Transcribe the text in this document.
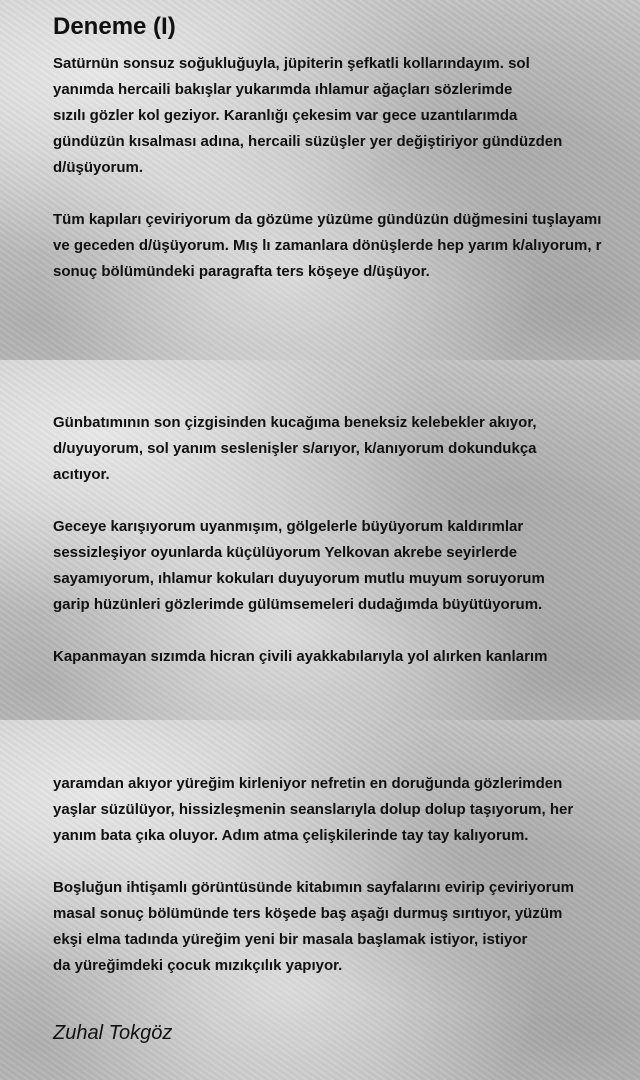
Deneme (I)

Satürnün sonsuz soğukluğuyla, jüpiterin şefkatli kollarındayım. sol
yanımda hercaili bakışlar yukarımda ıhlamur ağaçları sözlerimde
sızılı gözler kol geziyor. Karanlığı çekesim var gece uzantılarımda
gündüzün kısalması adına, hercaili süzüşler yer değiştiriyor gündüzden
d/üşüyorum.

Tüm kapıları çeviriyorum da gözüme yüzüme gündüzün düğmesini tuşlayamı
ve geceden d/üşüyorum. Mış lı zamanlara dönüşlerde hep yarım k/alıyorum, r
sonuç bölümündeki paragrafta ters köşeye d/üşüyor.

Günbatımının son çizgisinden kucağıma beneksiz kelebekler akıyor,
d/uyuyorum, sol yanım seslenişler s/arıyor, k/anıyorum dokundukça
acıtıyor.

Geceye karışıyorum uyanmışım, gölgelerle büyüyorum kaldırımlar
sessizleşiyor oyunlarda küçülüyorum Yelkovan akrebe seyirlerde
sayamıyorum, ıhlamur kokuları duyuyorum mutlu muyum soruyorum
garip hüzünleri gözlerimde gülümsemeleri dudağımda büyütüyorum.

Kapanmayan sızımda hicran çivili ayakkabılarıyla yol alırken kanlarım

yaramdan akıyor yüreğim kirleniyor nefretin en doruğunda gözlerimden
yaşlar süzülüyor, hissizleşmenin seanslarıyla dolup dolup taşıyorum, her
yanım bata çıka oluyor. Adım atma çelişkilerinde tay tay kalıyorum.

Boşluğun ihtişamlı görüntüsünde kitabımın sayfalarını evirip çeviriyorum
masal sonuç bölümünde ters köşede baş aşağı durmuş sırıtıyor, yüzüm
ekşi elma tadında yüreğim yeni bir masala başlamak istiyor, istiyor
da yüreğimdeki çocuk mızıkçılık yapıyor.

Zuhal Tokgöz
